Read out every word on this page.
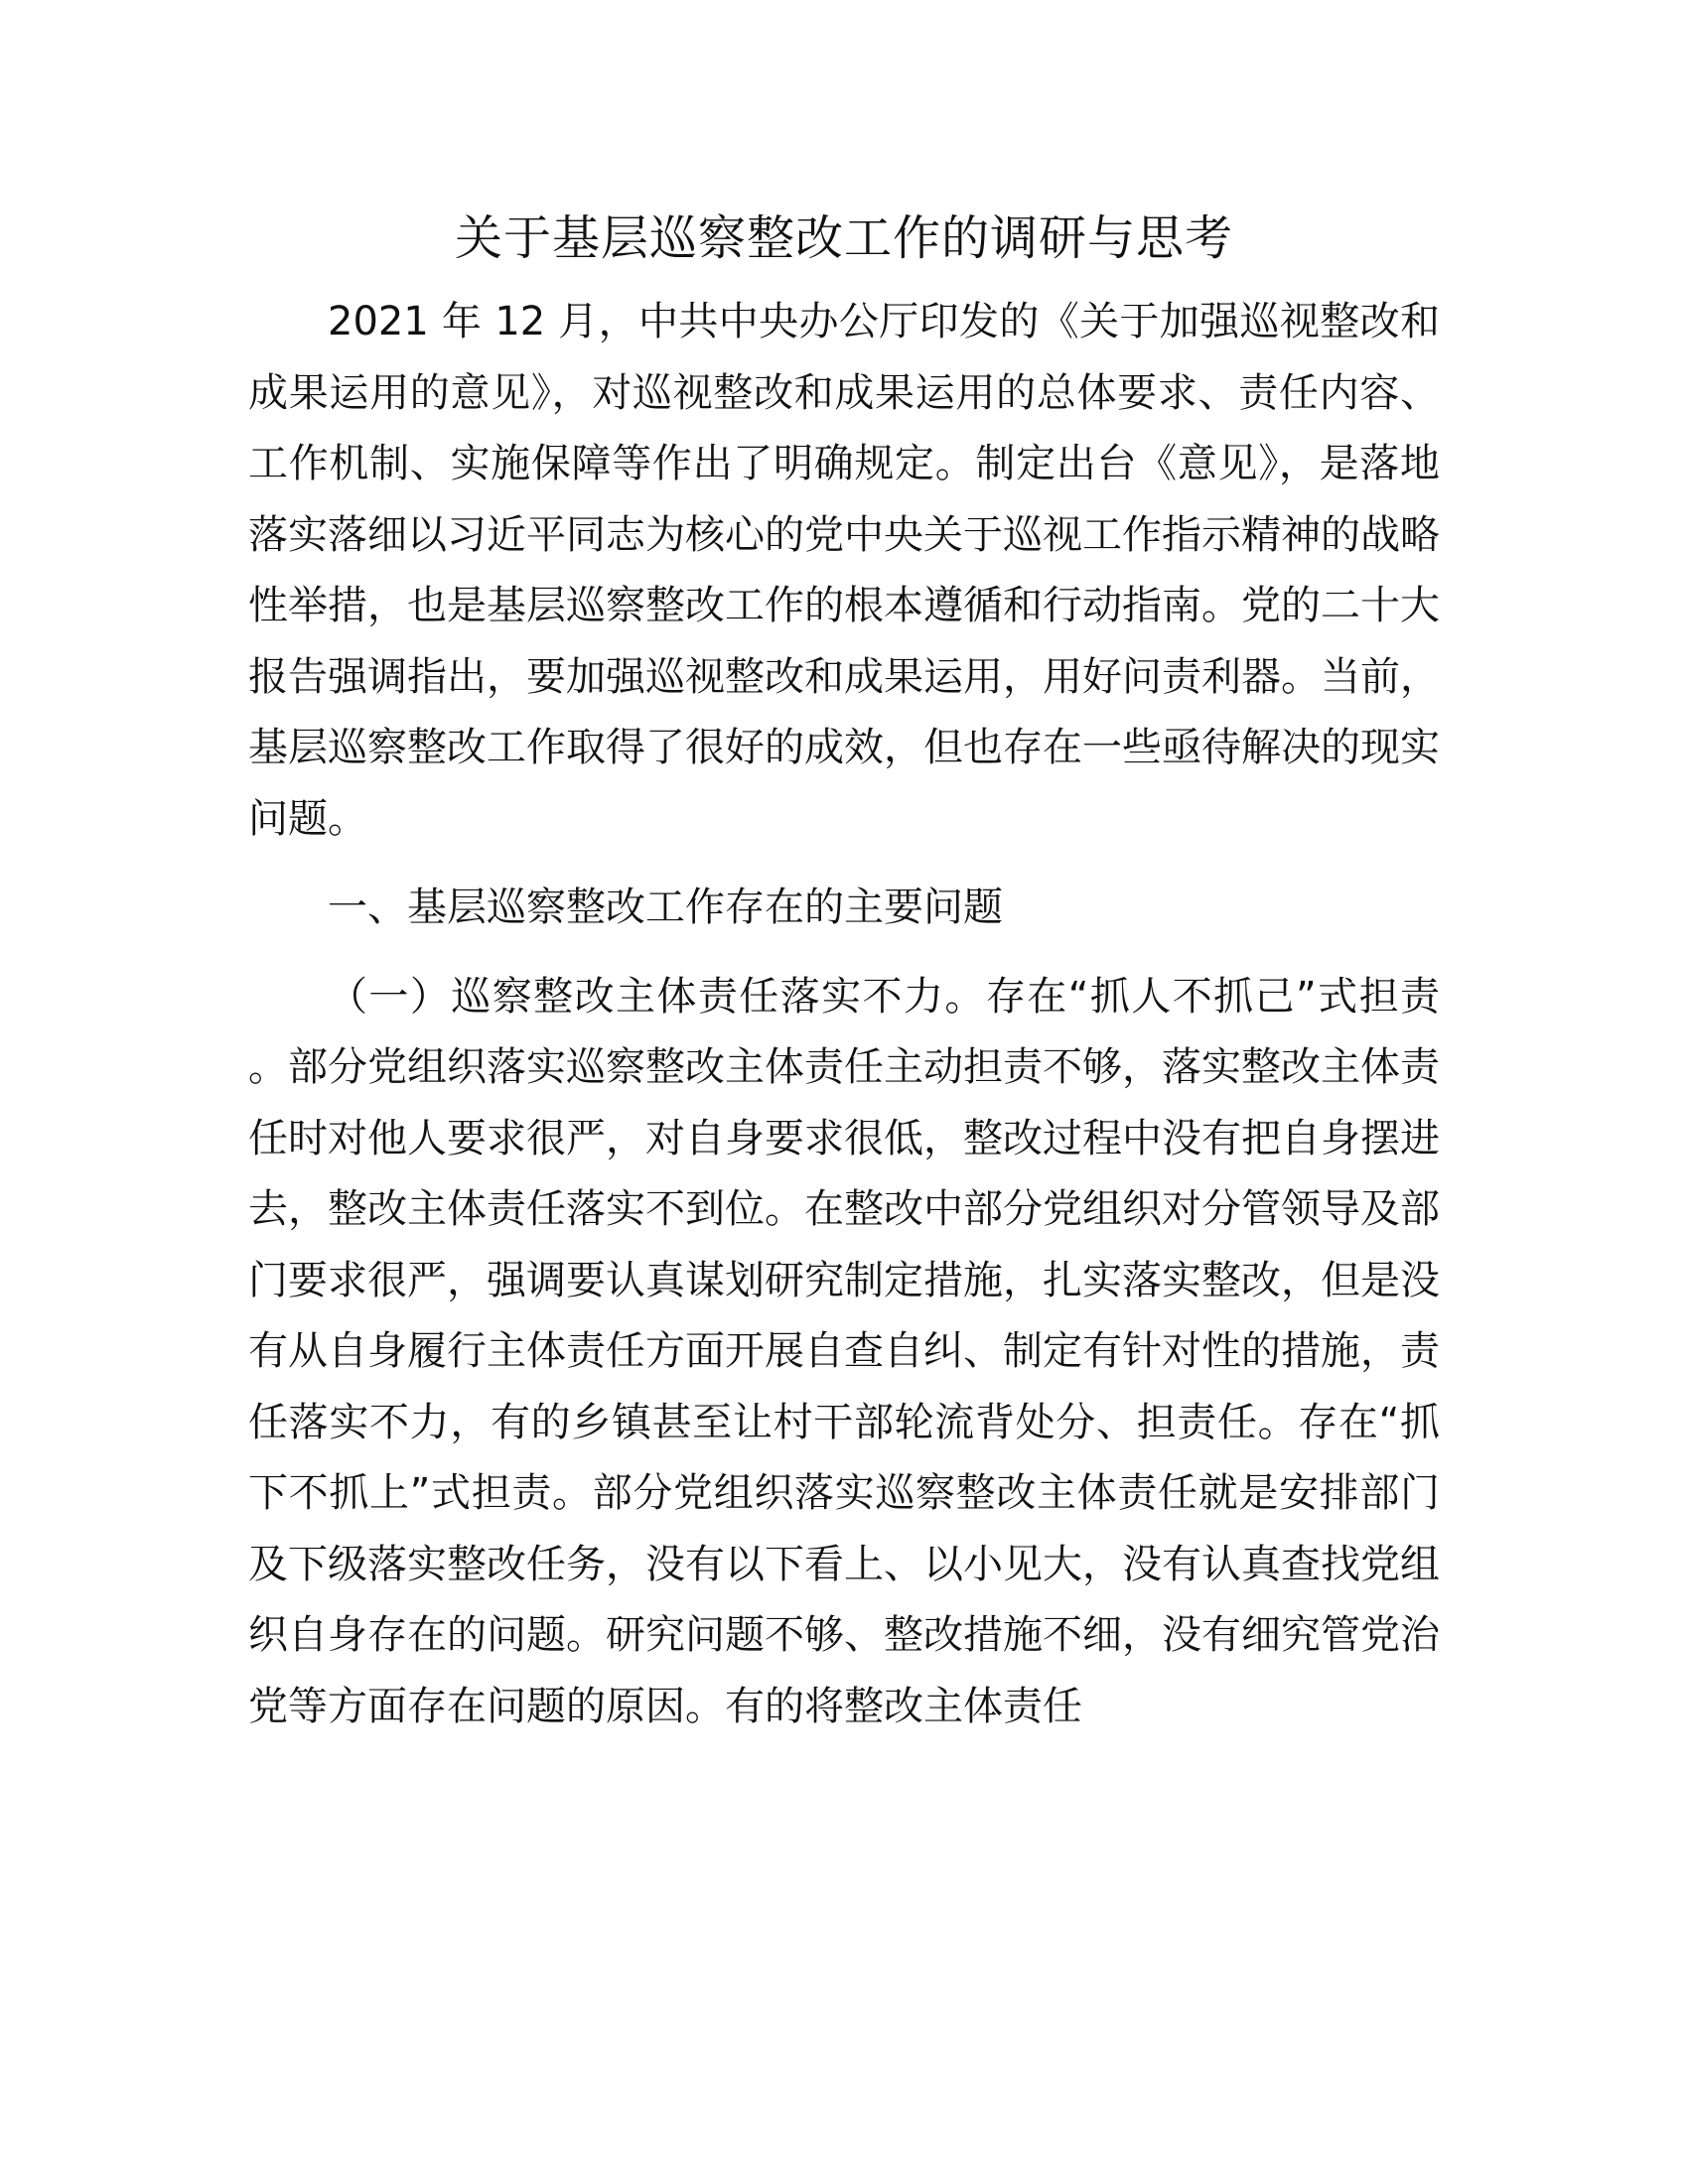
关于基层巡察整改工作的调研与思考

2021 年 12 月，中共中央办公厅印发的《关于加强巡视整改和成果运用的意见》，对巡视整改和成果运用的总体要求、责任内容、工作机制、实施保障等作出了明确规定。制定出台《意见》，是落地落实落细以习近平同志为核心的党中央关于巡视工作指示精神的战略性举措，也是基层巡察整改工作的根本遵循和行动指南。党的二十大报告强调指出，要加强巡视整改和成果运用，用好问责利器。当前，基层巡察整改工作取得了很好的成效，但也存在一些亟待解决的现实问题。

一、基层巡察整改工作存在的主要问题

（一）巡察整改主体责任落实不力。存在“抓人不抓己”式担责。部分党组织落实巡察整改主体责任主动担责不够，落实整改主体责任时对他人要求很严，对自身要求很低，整改过程中没有把自身摆进去，整改主体责任落实不到位。在整改中部分党组织对分管领导及部门要求很严，强调要认真谋划研究制定措施，扎实落实整改，但是没有从自身履行主体责任方面开展自查自纠、制定有针对性的措施，责任落实不力，有的乡镇甚至让村干部轮流背处分、担责任。存在“抓下不抓上”式担责。部分党组织落实巡察整改主体责任就是安排部门及下级落实整改任务，没有以下看上、以小见大，没有认真查找党组织自身存在的问题。研究问题不够、整改措施不细，没有细究管党治党等方面存在问题的原因。有的将整改主体责任
